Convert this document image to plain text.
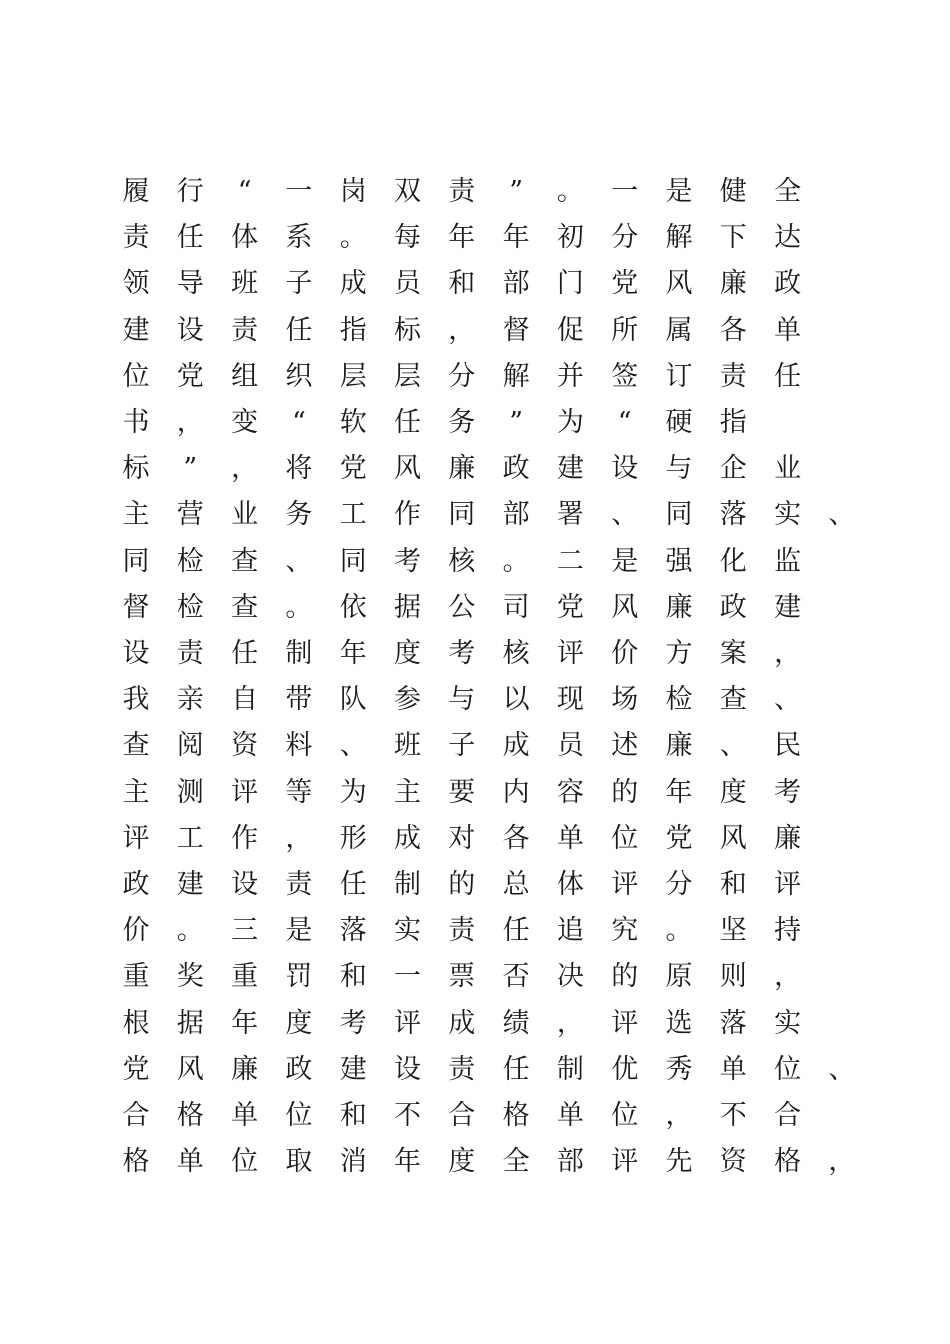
履 行	“	一 岗 双 责	”	。 一 是 健 全
责 任 体 系 。 每 年 年 初 分 解 下 达
领 导 班 子 成 员 和 部 门 党 风 廉 政
建 设 责 任 指 标 ， 督 促 所 属 各 单
位 党 组 织 层 层 分 解 并 签 订 责 任
书 ， 变	“	软 任 务	”	为	“	硬 指
标	”	， 将 党 风 廉 政 建 设 与 企 业
主 营 业 务 工 作 同 部 署 、 同 落 实 、
同 检 查 、 同 考 核 。 二 是 强 化 监
督 检 查 。 依 据 公 司 党 风 廉 政 建
设 责 任 制 年 度 考 核 评 价 方 案 ，
我 亲 自 带 队 参 与 以 现 场 检 查 、
查 阅 资 料 、 班 子 成 员 述 廉 、 民
主 测 评 等 为 主 要 内 容 的 年 度 考
评 工 作 ， 形 成 对 各 单 位 党 风 廉
政 建 设 责 任 制 的 总 体 评 分 和 评
价 。 三 是 落 实 责 任 追 究 。 坚 持
重 奖 重 罚 和 一 票 否 决 的 原 则 ，
根 据 年 度 考 评 成 绩 ， 评 选 落 实
党 风 廉 政 建 设 责 任 制 优 秀 单 位 、
合 格 单 位 和 不 合 格 单 位 ， 不 合
格 单 位 取 消 年 度 全 部 评 先 资 格 ，
